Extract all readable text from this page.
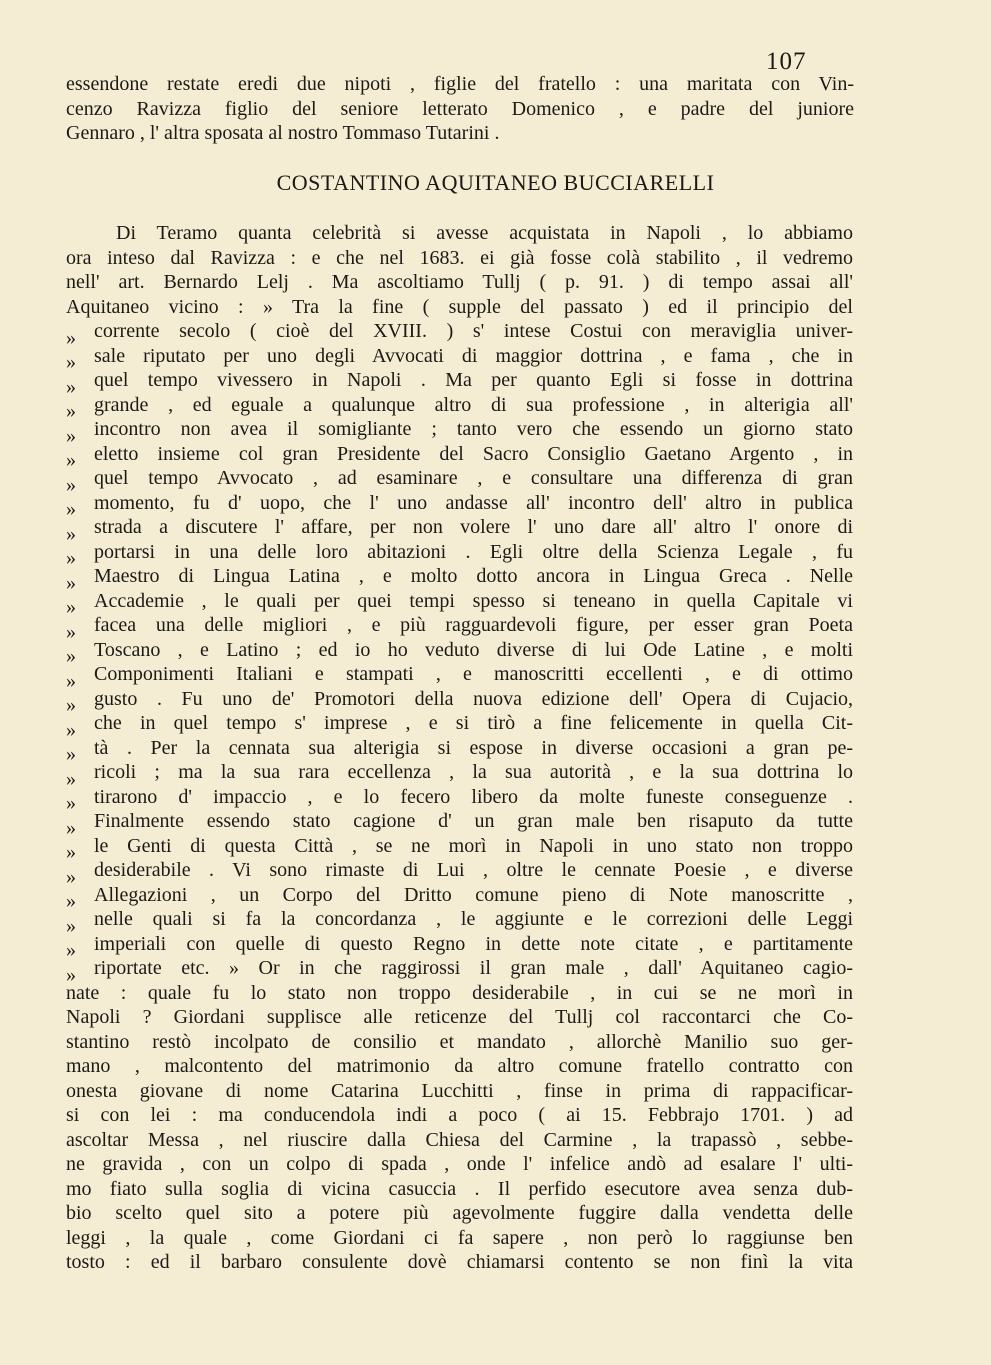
107
essendone restate eredi due nipoti , figlie del fratello : una maritata con Vin-
cenzo Ravizza figlio del seniore letterato Domenico , e padre del juniore
Gennaro , l' altra sposata al nostro Tommaso Tutarini .
COSTANTINO AQUITANEO BUCCIARELLI
Di Teramo quanta celebrità si avesse acquistata in Napoli , lo abbiamo
ora inteso dal Ravizza : e che nel 1683. ei già fosse colà stabilito , il vedremo
nell' art. Bernardo Lelj . Ma ascoltiamo Tullj ( p. 91. ) di tempo assai all'
Aquitaneo vicino : » Tra la fine ( supple del passato ) ed il principio del
» corrente secolo ( cioè del XVIII. ) s' intese Costui con meraviglia univer-
» sale riputato per uno degli Avvocati di maggior dottrina , e fama , che in
» quel tempo vivessero in Napoli . Ma per quanto Egli si fosse in dottrina
» grande , ed eguale a qualunque altro di sua professione , in alterigia all'
» incontro non avea il somigliante ; tanto vero che essendo un giorno stato
» eletto insieme col gran Presidente del Sacro Consiglio Gaetano Argento , in
» quel tempo Avvocato , ad esaminare , e consultare una differenza di gran
» momento, fu d' uopo, che l' uno andasse all' incontro dell' altro in publica
» strada a discutere l' affare, per non volere l' uno dare all' altro l' onore di
» portarsi in una delle loro abitazioni . Egli oltre della Scienza Legale , fu
» Maestro di Lingua Latina , e molto dotto ancora in Lingua Greca . Nelle
» Accademie , le quali per quei tempi spesso si teneano in quella Capitale vi
» facea una delle migliori , e più ragguardevoli figure, per esser gran Poeta
» Toscano , e Latino ; ed io ho veduto diverse di lui Ode Latine , e molti
» Componimenti Italiani e stampati , e manoscritti eccellenti , e di ottimo
» gusto . Fu uno de' Promotori della nuova edizione dell' Opera di Cujacio,
» che in quel tempo s' imprese , e si tirò a fine felicemente in quella Cit-
» tà . Per la cennata sua alterigia si espose in diverse occasioni a gran pe-
» ricoli ; ma la sua rara eccellenza , la sua autorità , e la sua dottrina lo
» tirarono d' impaccio , e lo fecero libero da molte funeste conseguenze .
» Finalmente essendo stato cagione d' un gran male ben risaputo da tutte
» le Genti di questa Città , se ne morì in Napoli in uno stato non troppo
» desiderabile . Vi sono rimaste di Lui , oltre le cennate Poesie , e diverse
» Allegazioni , un Corpo del Dritto comune pieno di Note manoscritte ,
» nelle quali si fa la concordanza , le aggiunte e le correzioni delle Leggi
» imperiali con quelle di questo Regno in dette note citate , e partitamente
» riportate etc. » Or in che raggirossi il gran male , dall' Aquitaneo cagio-
nate : quale fu lo stato non troppo desiderabile , in cui se ne morì in
Napoli ? Giordani supplisce alle reticenze del Tullj col raccontarci che Co-
stantino restò incolpato de consilio et mandato , allorchè Manilio suo ger-
mano , malcontento del matrimonio da altro comune fratello contratto con
onesta giovane di nome Catarina Lucchitti , finse in prima di rappacificar-
si con lei : ma conducendola indi a poco ( ai 15. Febbrajo 1701. ) ad
ascoltar Messa , nel riuscire dalla Chiesa del Carmine , la trapassò , sebbe-
ne gravida , con un colpo di spada , onde l' infelice andò ad esalare l' ulti-
mo fiato sulla soglia di vicina casuccia . Il perfido esecutore avea senza dub-
bio scelto quel sito a potere più agevolmente fuggire dalla vendetta delle
leggi , la quale , come Giordani ci fa sapere , non però lo raggiunse ben
tosto : ed il barbaro consulente dovè chiamarsi contento se non finì la vita
